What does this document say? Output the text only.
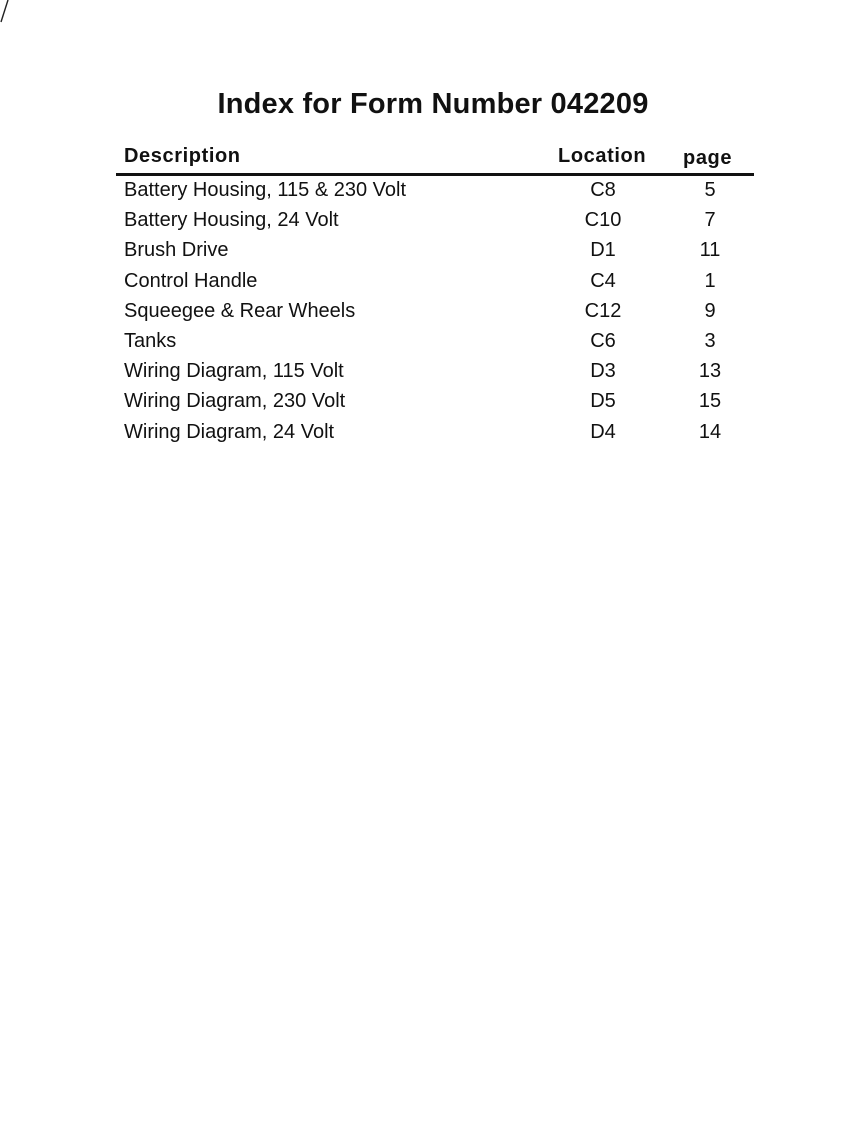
Index for Form Number 042209
Description	Location page
Battery Housing, 115 & 230 Volt	C8	5
Battery Housing, 24 Volt	C10	7
Brush Drive	D1	11
Control Handle	C4	1
Squeegee & Rear Wheels	C12	9
Tanks	C6	3
Wiring Diagram, 115 Volt	D3	13
Wiring Diagram, 230 Volt	D5	15
Wiring Diagram, 24 Volt	D4	14
